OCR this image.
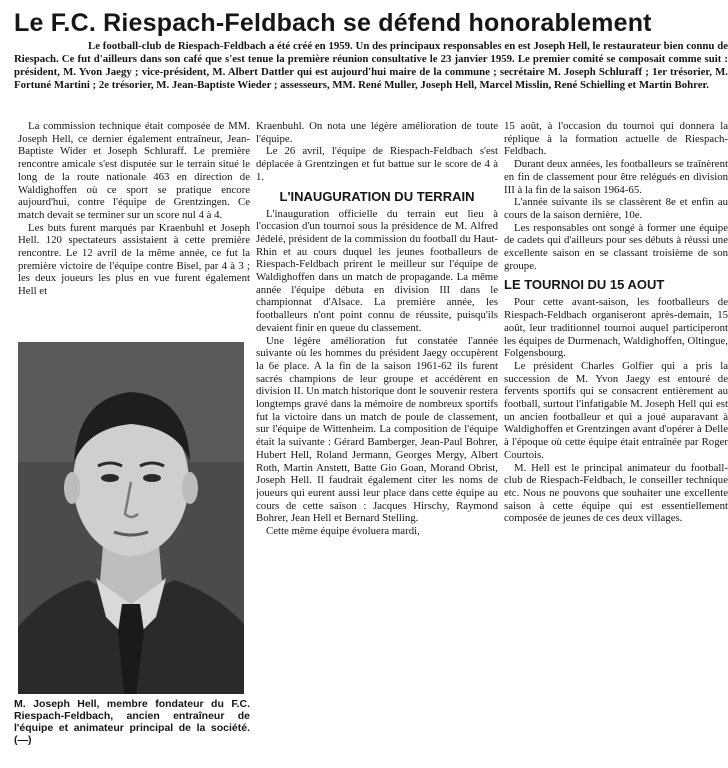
Le F.C. Riespach-Feldbach se défend honorablement

Le football-club de Riespach-Feldbach a été créé en 1959. Un des principaux responsables en est Joseph Hell, le restaurateur bien connu de Riespach. Ce fut d'ailleurs dans son café que s'est tenue la première réunion consultative le 23 janvier 1959. Le premier comité se composait comme suit : président, M. Yvon Jaegy ; vice-président, M. Albert Dattler qui est aujourd'hui maire de la commune ; secrétaire M. Joseph Schluraff ; 1er trésorier, M. Fortuné Martini ; 2e trésorier, M. Jean-Baptiste Wieder ; assesseurs, MM. René Muller, Joseph Hell, Marcel Misslin, René Schielling et Martin Bohrer.

La commission technique était composée de MM. Joseph Hell, ce dernier également entraîneur, Jean-Baptiste Wider et Joseph Schluraff. Le première rencontre amicale s'est disputée sur le terrain situé le long de la route nationale 463 en direction de Waldighoffen où ce sport se pratique encore aujourd'hui, contre l'équipe de Grentzingen. Ce match devait se terminer sur un score nul 4 à 4.

Les buts furent marqués par Kraenbuhl et Joseph Hell. 120 spectateurs assistaient à cette première rencontre. Le 12 avril de la même année, ce fut la première victoire de l'équipe contre Bisel, par 4 à 3 ; les deux joueurs les plus en vue furent également Hell et

M. Joseph Hell, membre fondateur du F.C. Riespach-Feldbach, ancien entraîneur de l'équipe et animateur principal de la société. (—)

Kraenbuhl. On nota une légère amélioration de toute l'équipe.

Le 26 avril, l'équipe de Riespach-Feldbach s'est déplacée à Grentzingen et fut battue sur le score de 4 à 1.

L'INAUGURATION DU TERRAIN

L'inauguration officielle du terrain eut lieu à l'occasion d'un tournoi sous la présidence de M. Alfred Jédelé, président de la commission du football du Haut-Rhin et au cours duquel les jeunes footballeurs de Riespach-Feldbach prirent le meilleur sur l'équipe de Waldighoffen dans un match de propagande. La même année l'équipe débuta en division III dans le championnat d'Alsace. La première année, les footballeurs n'ont point connu de réussite, puisqu'ils devaient finir en queue du classement.

Une légère amélioration fut constatée l'année suivante où les hommes du président Jaegy occupèrent la 6e place. A la fin de la saison 1961-62 ils furent sacrés champions de leur groupe et accédèrent en division II. Un match historique dont le souvenir restera longtemps gravé dans la mémoire de nombreux sportifs fut la victoire dans un match de poule de classement, sur l'équipe de Wittenheim. La composition de l'équipe était la suivante : Gérard Bamberger, Jean-Paul Bohrer, Hubert Hell, Roland Jermann, Georges Mergy, Albert Roth, Martin Anstett, Batte Gio Goan, Morand Obrist, Joseph Hell. Il faudrait également citer les noms de joueurs qui eurent aussi leur place dans cette équipe au cours de cette saison : Jacques Hirschy, Raymond Bohrer, Jean Hell et Bernard Stelling.

Cette même équipe évoluera mardi,

15 août, à l'occasion du tournoi qui donnera la réplique à la formation actuelle de Riespach-Feldbach.

Durant deux années, les footballeurs se traînèrent en fin de classement pour être relégués en division III à la fin de la saison 1964-65.

L'année suivante ils se classèrent 8e et enfin au cours de la saison dernière, 10e.

Les responsables ont songé à former une équipe de cadets qui d'ailleurs pour ses débuts à réussi une excellente saison en se classant troisième de son groupe.

LE TOURNOI DU 15 AOUT

Pour cette avant-saison, les footballeurs de Riespach-Feldbach organiseront après-demain, 15 août, leur traditionnel tournoi auquel participeront les équipes de Durmenach, Waldighoffen, Oltingue, Folgensbourg.

Le président Charles Golfier qui a pris la succession de M. Yvon Jaegy est entouré de fervents sportifs qui se consacrent entièrement au football, surtout l'infatigable M. Joseph Hell qui est un ancien footballeur et qui a joué auparavant à Waldighoffen et Grentzingen avant d'opérer à Delle à l'époque où cette équipe était entraînée par Roger Courtois.

M. Hell est le principal animateur du football-club de Riespach-Feldbach, le conseiller technique etc. Nous ne pouvons que souhaiter une excellente saison à cette équipe qui est essentiellement composée de jeunes de ces deux villages.
